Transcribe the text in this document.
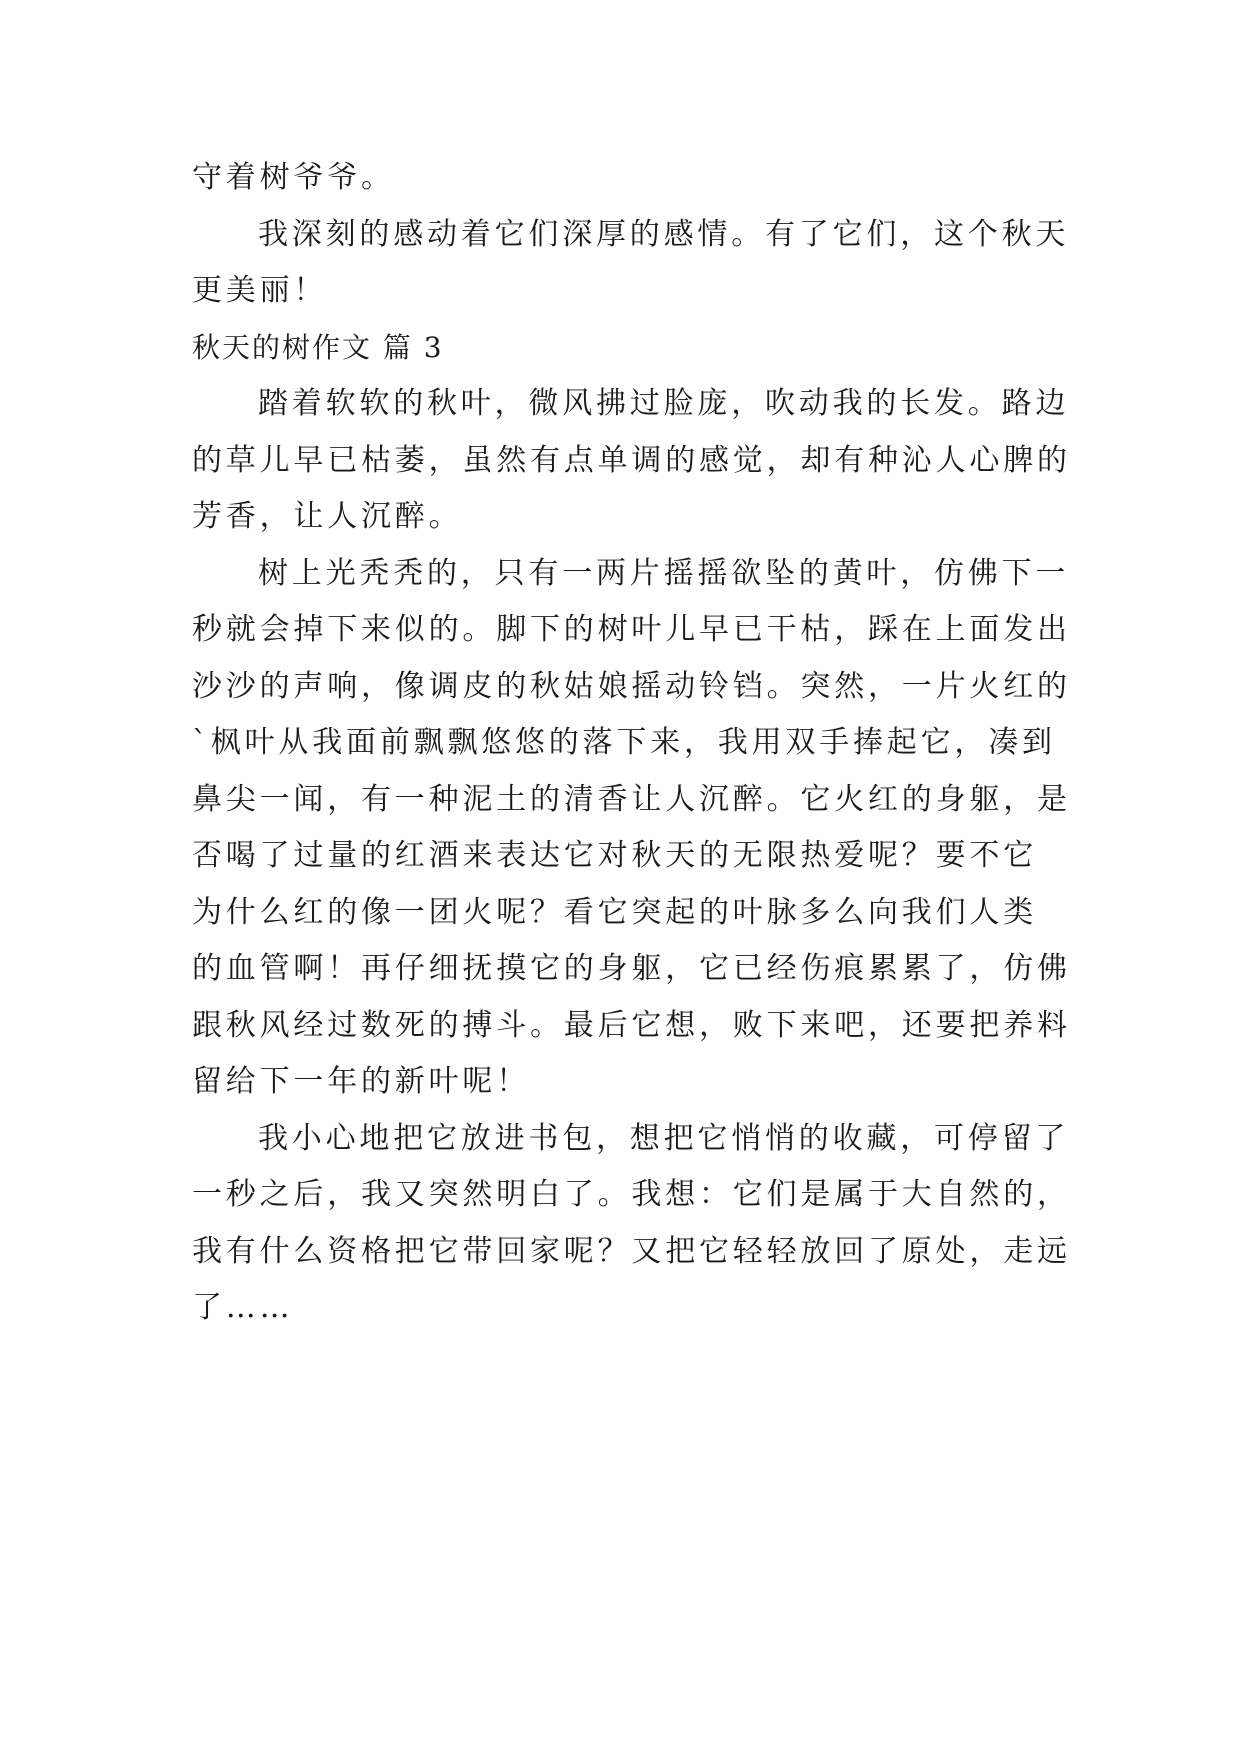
守着树爷爷。
我深刻的感动着它们深厚的感情。有了它们，这个秋天
更美丽！
秋天的树作文 篇 3
踏着软软的秋叶，微风拂过脸庞，吹动我的长发。路边
的草儿早已枯萎，虽然有点单调的感觉，却有种沁人心脾的
芳香，让人沉醉。
树上光秃秃的，只有一两片摇摇欲坠的黄叶，仿佛下一
秒就会掉下来似的。脚下的树叶儿早已干枯，踩在上面发出
沙沙的声响，像调皮的秋姑娘摇动铃铛。突然，一片火红的
`枫叶从我面前飘飘悠悠的落下来，我用双手捧起它，凑到
鼻尖一闻，有一种泥土的清香让人沉醉。它火红的身躯，是
否喝了过量的红酒来表达它对秋天的无限热爱呢？要不它
为什么红的像一团火呢？看它突起的叶脉多么向我们人类
的血管啊！再仔细抚摸它的身躯，它已经伤痕累累了，仿佛
跟秋风经过数死的搏斗。最后它想，败下来吧，还要把养料
留给下一年的新叶呢！
我小心地把它放进书包，想把它悄悄的收藏，可停留了
一秒之后，我又突然明白了。我想：它们是属于大自然的，
我有什么资格把它带回家呢？又把它轻轻放回了原处，走远
了……
